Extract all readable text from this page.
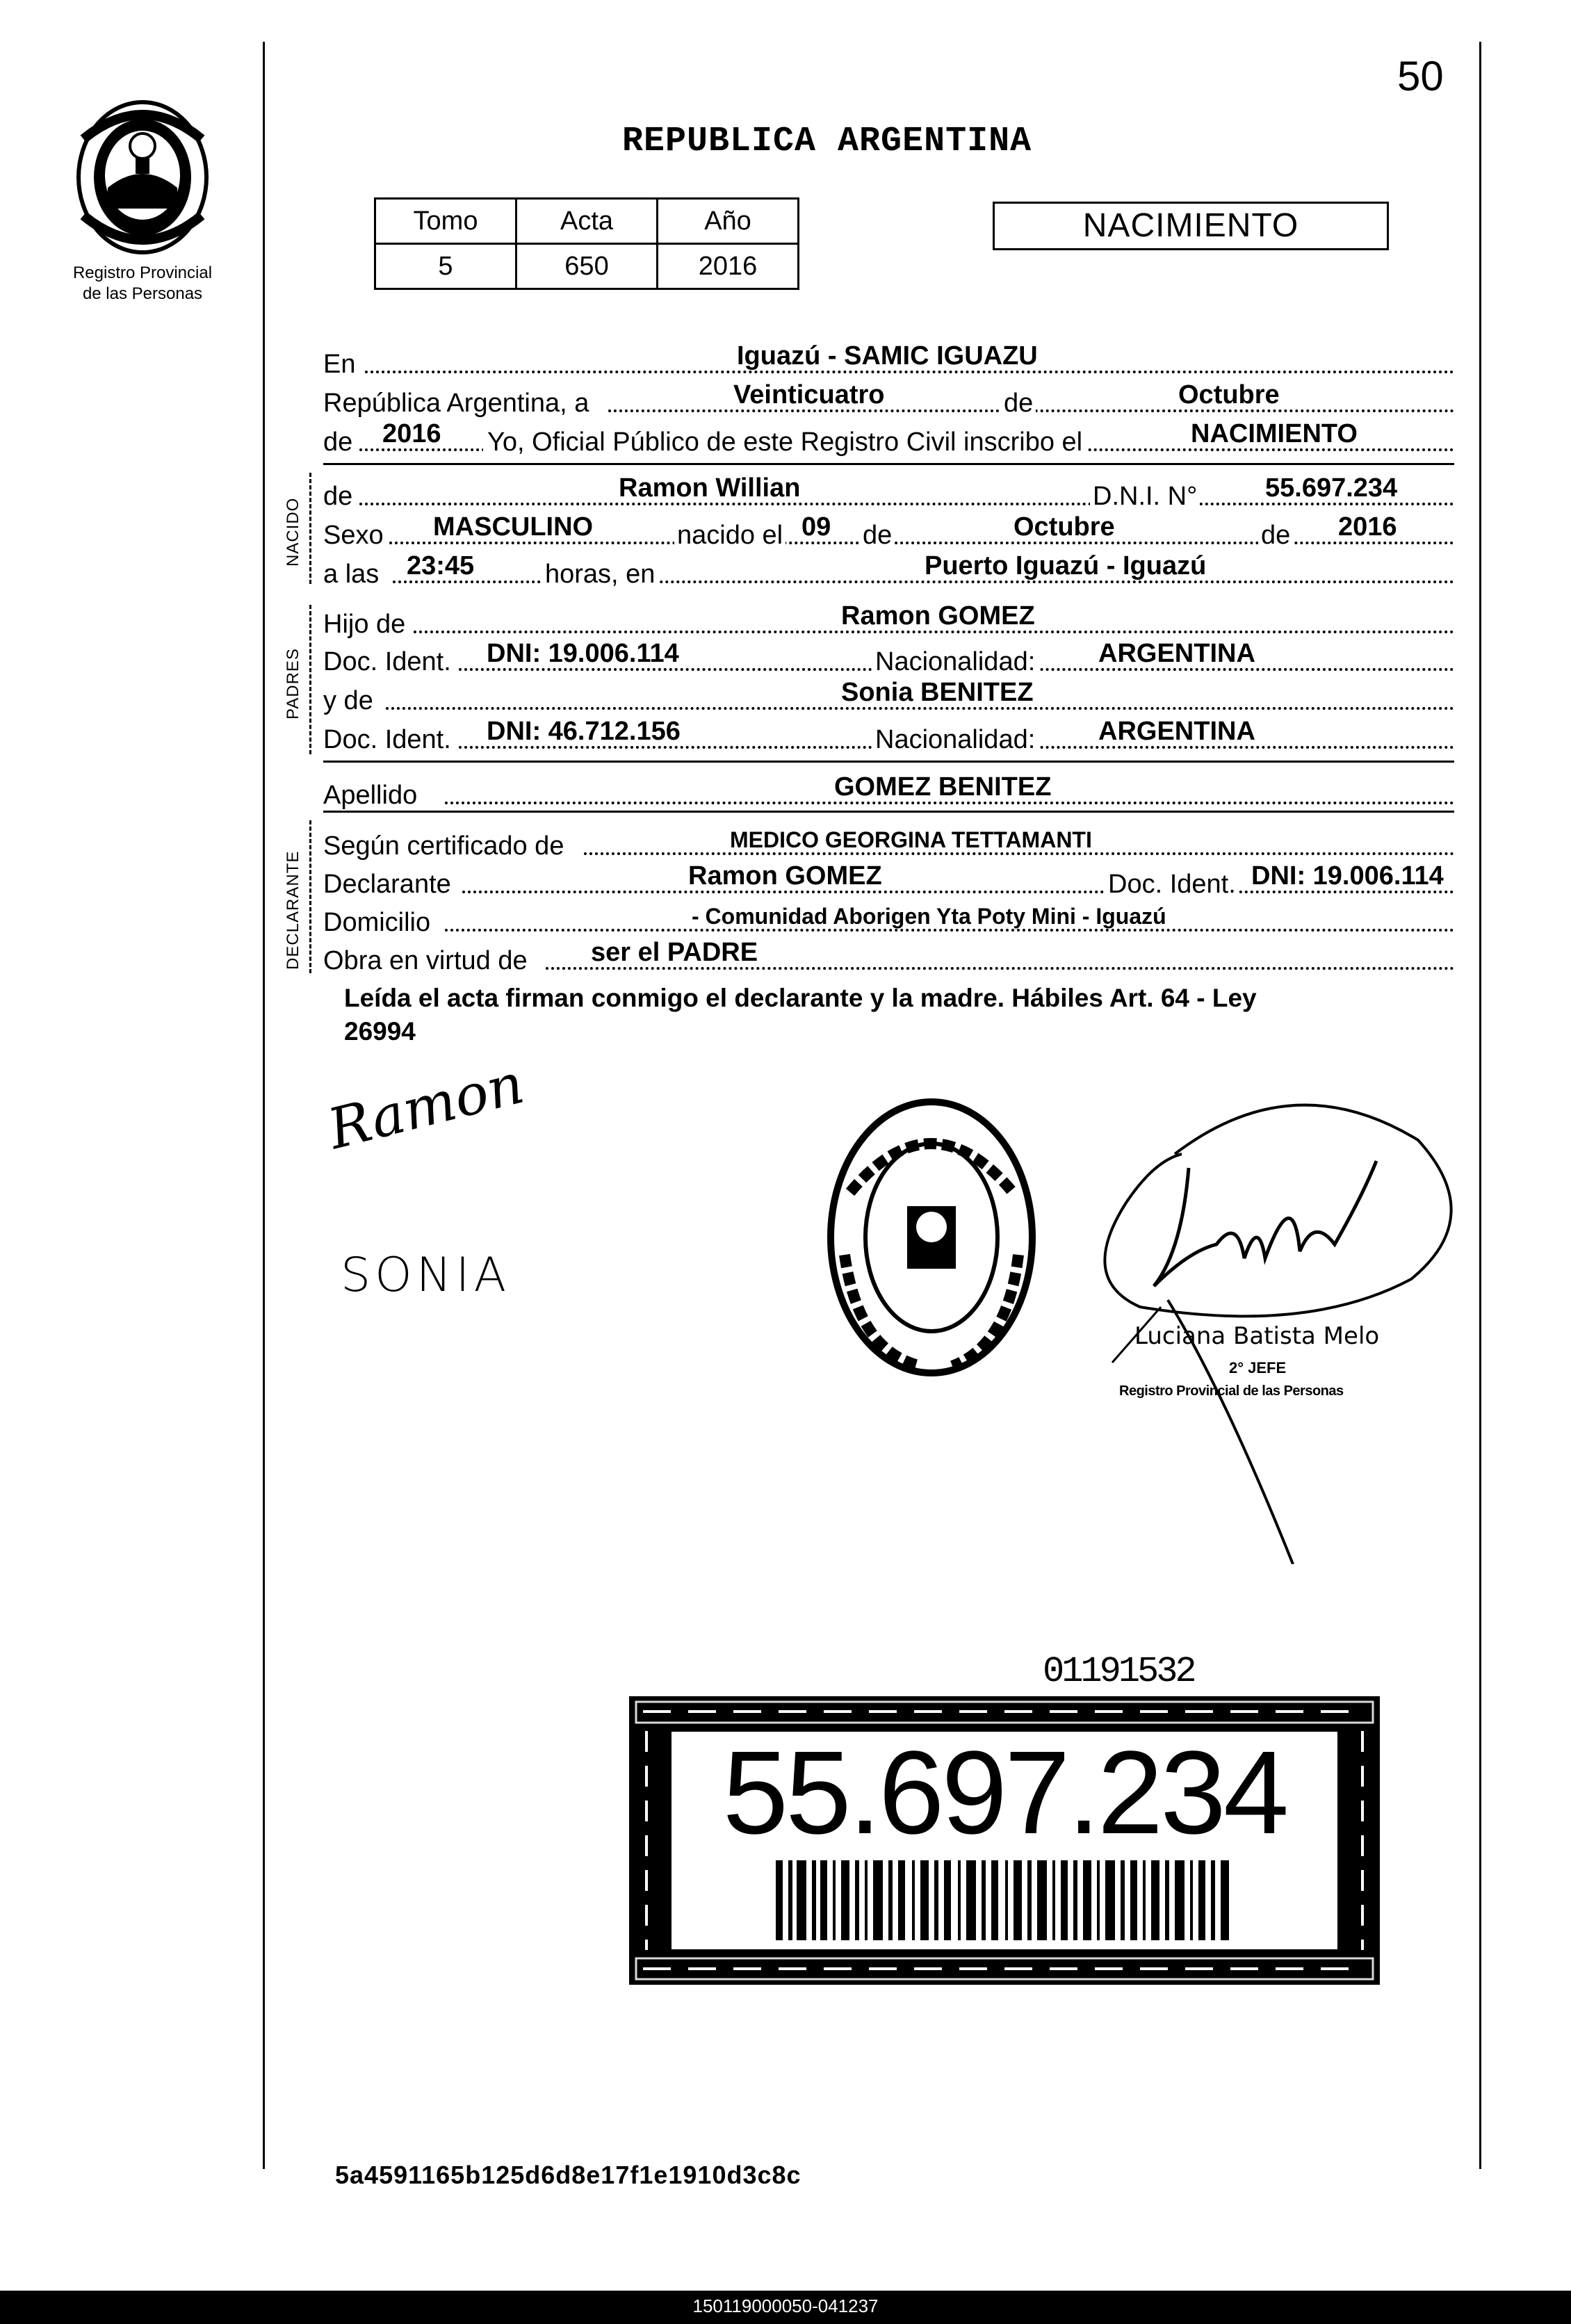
50
Registro Provincial
de las Personas
REPUBLICA ARGENTINA
Tomo	Acta	Año
5	650	2016
NACIMIENTO
En	Iguazú - SAMIC IGUAZU
República Argentina, a	Veinticuatro	de	Octubre
de 2016 Yo, Oficial Público de este Registro Civil inscribo el	NACIMIENTO
NACIDO
de	Ramon Willian	D.N.I. N°	55.697.234
Sexo MASCULINO	nacido el 09 de	Octubre	de 2016
a las 23:45	horas, en	Puerto Iguazú - Iguazú
PADRES
Hijo de	Ramon GOMEZ
Doc. Ident. DNI: 19.006.114	Nacionalidad: ARGENTINA
y de	Sonia BENITEZ
Doc. Ident. DNI: 46.712.156	Nacionalidad: ARGENTINA
Apellido	GOMEZ BENITEZ
DECLARANTE
Según certificado de	MEDICO GEORGINA TETTAMANTI
Declarante	Ramon GOMEZ	Doc. Ident. DNI: 19.006.114
Domicilio	- Comunidad Aborigen Yta Poty Mini - Iguazú
Obra en virtud de ser el PADRE
Leída el acta firman conmigo el declarante y la madre. Hábiles Art. 64 - Ley
26994
Ramon
SONIA
Luciana Batista Melo
2° JEFE
Registro Provincial de las Personas
01191532
55.697.234
5a4591165b125d6d8e17f1e1910d3c8c
150119000050-041237
